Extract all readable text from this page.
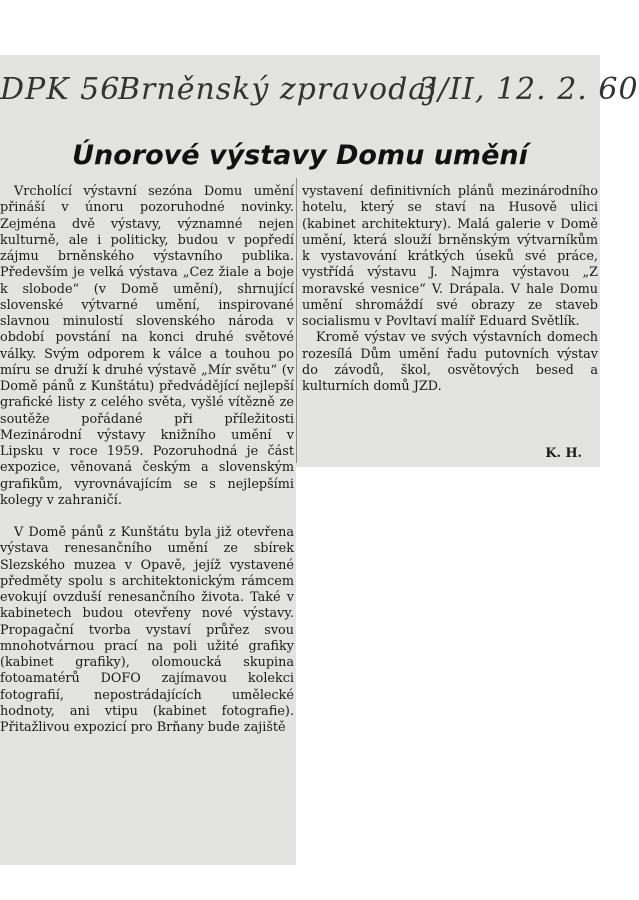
DPK 56
Brněnský zpravodaj
3/II, 12. 2. 60
Únorové výstavy Domu umění

Vrcholící výstavní sezóna Domu umění přináší v únoru pozoruhodné novinky. Zejména dvě výstavy, významné nejen kulturně, ale i politicky, budou v popředí zájmu brněnského výstavního publika. Především je velká výstava „Cez žiale a boje k slobode“ (v Domě umění), shrnující slovenské výtvarné umění, inspirované slavnou minulostí slovenského národa v období povstání na konci druhé světové války. Svým odporem k válce a touhou po míru se druží k druhé výstavě „Mír světu“ (v Domě pánů z Kunštátu) předvádějící nejlepší grafické listy z celého světa, vyšlé vítězně ze soutěže pořádané při příležitosti Mezinárodní výstavy knižního umění v Lipsku v roce 1959. Pozoruhodná je část expozice, věnovaná českým a slovenským grafikům, vyrovnávajícím se s nejlepšími kolegy v zahraničí.

V Domě pánů z Kunštátu byla již otevřena výstava renesančního umění ze sbírek Slezského muzea v Opavě, jejíž vystavené předměty spolu s architektonickým rámcem evokují ovzduší renesančního života. Také v kabinetech budou otevřeny nové výstavy. Propagační tvorba vystaví průřez svou mnohotvárnou prací na poli užité grafiky (kabinet grafiky), olomoucká skupina fotoamatérů DOFO zajímavou kolekci fotografií, nepostrádajících umělecké hodnoty, ani vtipu (kabinet fotografie). Přitažlivou expozicí pro Brňany bude zajiště

vystavení definitivních plánů mezinárodního hotelu, který se staví na Husově ulici (kabinet architektury). Malá galerie v Domě umění, která slouží brněnským výtvarníkům k vystavování krátkých úseků své práce, vystřídá výstavu J. Najmra výstavou „Z moravské vesnice“ V. Drápala. V hale Domu umění shromáždí své obrazy ze staveb socialismu v Povltaví malíř Eduard Světlík.

Kromě výstav ve svých výstavních domech rozesílá Dům umění řadu putovních výstav do závodů, škol, osvětových besed a kulturních domů JZD.

K. H.
